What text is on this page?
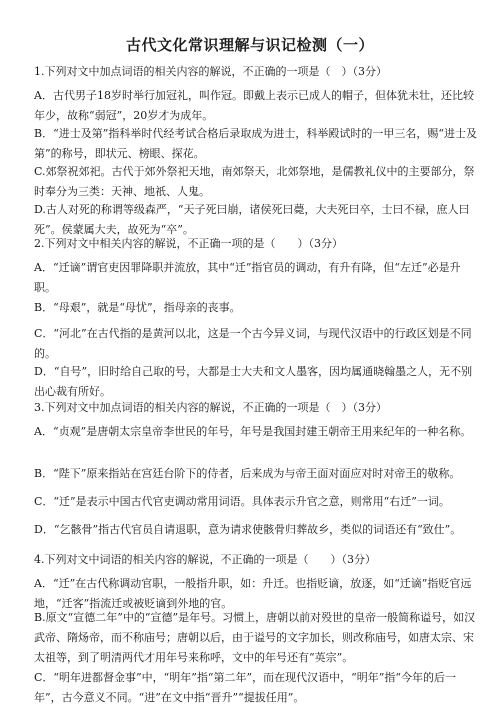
古代文化常识理解与识记检测（一）

1.下列对文中加点词语的相关内容的解说，不正确的一项是（　）（3分）

A．古代男子18岁时举行加冠礼，叫作冠。即戴上表示已成人的帽子，但体犹未壮，还比较年少，故称“弱冠”，20岁才为成年。

B．“进士及第”指科举时代经考试合格后录取成为进士，科举殿试时的一甲三名，赐“进士及第”的称号，即状元、榜眼、探花。

C.郊祭祝郊祀。古代于郊外祭祀天地，南郊祭天，北郊祭地，是儒教礼仪中的主要部分，祭时奉分为三类：天神、地祇、人鬼。

D.古人对死的称谓等级森严，“天子死曰崩，诸侯死曰薨，大夫死曰卒，士曰不禄，庶人曰死”。侯蒙属大夫，故死为“卒”。

2.下列对文中相关内容的解说，不正确一项的是（　　）（3分）

A．“迁谪”谓官吏因罪降职并流放，其中“迁”指官员的调动，有升有降，但“左迁”必是升职。

B．“母艰”，就是“母忧”，指母亲的丧事。

C．“河北”在古代指的是黄河以北，这是一个古今异义词，与现代汉语中的行政区划是不同的。

D．“自号”，旧时给自己取的号，大都是士大夫和文人墨客，因均属通晓翰墨之人，无不别出心裁有所好。

3.下列对文中加点词语的相关内容的解说，不正确的一项是（　）（3分）

A．“贞观”是唐朝太宗皇帝李世民的年号，年号是我国封建王朝帝王用来纪年的一种名称。

B．“陛下”原来指站在宫廷台阶下的侍者，后来成为与帝王面对面应对时对帝王的敬称。

C．“迁”是表示中国古代官吏调动常用词语。具体表示升官之意，则常用“右迁”一词。

D．“乞骸骨”指古代官员自请退职，意为请求使骸骨归葬故乡，类似的词语还有“致仕”。

4.下列对文中词语的相关内容的解说，不正确的一项是（　　）（3分）

A．“迁”在古代称调动官职，一般指升职，如：升迁。也指贬谪，放逐，如“迁谪”指贬官远地，“迁客”指流迁或被贬谪到外地的官。

B.原文“宣德二年”中的“宣德”是年号。习惯上，唐朝以前对殁世的皇帝一般简称谥号，如汉武帝、隋炀帝，而不称庙号；唐朝以后，由于谥号的文字加长，则改称庙号，如唐太宗、宋太祖等，到了明清两代才用年号来称呼，文中的年号还有“英宗”。

C．“明年进都督金事”中，“明年”指“第二年”，而在现代汉语中，“明年”指“今年的后一年”，古今意义不同。“进”在文中指“晋升”“提拔任用”。
